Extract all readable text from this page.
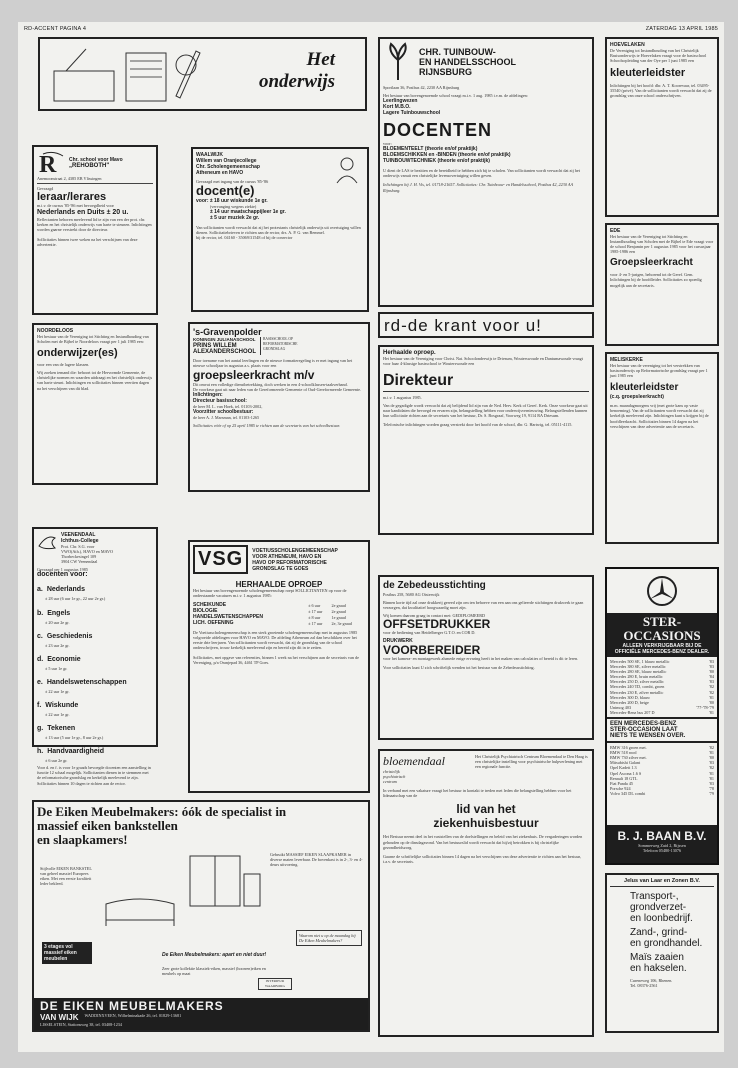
RD-ACCENT PAGINA 4	ZATERDAG 13 APRIL 1985
Het
onderwijs
R	Chr. school voor Mavo
„REHOBOTH"
Anemoonstraat 2, 4385 EB Vlissingen
Gevraagd
leraar/lerares
m.i.v. de cursus '85-'86 met bevoegdheid voor
Nederlands en Duits ± 20 u.
Reflectanten behoren meelevend lid te zijn van een der prot. chr. kerken en het christelijk onderwijs van harte te steunen. Inlichtingen worden gaarne verstrekt door de directeur.
Sollicitaties binnen twee weken na het verschijnen van deze advertentie.
WAALWIJK
Willem van Oranjecollege
Chr. Scholengemeenschap
Atheneum en HAVO
Gevraagd met ingang van de cursus '85-'86
docent(e)
voor: ± 18 uur wiskunde 1e gr.
(vervanging wegens ziekte)
± 14 uur maatschappijleer 1e gr.
± 5 uur muziek 2e gr.
Van sollicitanten wordt verwacht dat zij het protestants christelijk onderwijs uit overtuiging willen dienen. Sollicitatiebrieven te richten aan de rector, drs. A. P. G. van Bemmel.
bij de rector, tel. 04160 - 35069/31548 of bij de conrector
CHR. TUINBOUW-
EN HANDELSSCHOOL
RIJNSBURG
Sportlaan 36, Postbus 42, 2230 AA Rijnsburg
Het bestuur van bovengenoemde school vraagt m.i.v. 1 aug. 1985 i.v.m. de afdelingen:
Leerlingwezen
Kort M.B.O.
Lagere Tuinbouwschool
DOCENTEN
voor:
BLOEMENTEELT (theorie en/of praktijk)
BLOEMSCHIKKEN en -BINDEN (theorie en/of praktijk)
TUINBOUWTECHNIEK (theorie en/of praktijk)
U dient de LAS te bezitten en de bereidheid te hebben zich bij te scholen. Van sollicitanten wordt verwacht dat zij het onderwijs vanuit een christelijke levensovertuiging willen geven.
Inlichtingen bij J. H. Vis, tel. 01718-21657. Sollicitaties: Chr. Tuinbouw- en Handelsschool, Postbus 42, 2230 AA Rijnsburg.
rd-de krant voor u!
HOEVELAKEN
De Vereniging tot Instandhouding van het Christelijk Basisonderwijs te Hoevelaken vraagt voor de basisschool Schoolsopleiding van der Oye per 1 juni 1985 een
kleuterleidster
Inlichtingen bij het hoofd: dhr. A. T. Koorevaar, tel. 03495-35540 (privé). Van de sollicitanten wordt verwacht dat zij de grondslag van onze school onderschrijven.
EDE
Het bestuur van de Vereniging tot Stichting en Instandhouding van Scholen met de Bijbel te Ede vraagt voor de school Benjamin per 1 augustus 1985 voor het cursusjaar 1985-1986 een
Groepsleerkracht
voor 4- en 5-jarigen, behorend tot de Geref. Gem. Inlichtingen bij de hoofdleider. Sollicitaties zo spoedig mogelijk aan de secretaris.
NOORDELOOS
Het bestuur van de Vereniging tot Stichting en Instandhouding van Scholen met de Bijbel te Noordeloos vraagt per 1 juli 1985 een:
onderwijzer(es)
voor een van de lagere klassen.
Wij zoeken iemand die: behoort tot de Hervormde Gemeente, de christelijke normen en waarden uitdraagt en het christelijk onderwijs van harte steunt. Inlichtingen en sollicitaties binnen veertien dagen na het verschijnen van dit blad.
's-Gravenpolder
KONINGIN JULIANASCHOOL
PRINS WILLEM
ALEXANDERSCHOOL
BASISSCHOOL OP REFORMATORISCHE GRONDSLAG
Door toename van het aantal leerlingen en de nieuwe formatieregeling is er met ingang van het nieuwe schooljaar in augustus a.s. plaats voor een
groepsleerkracht m/v
Dit omvat een volledige dienstbetrekking, doch werken in een 4-schoolklassen-taakverband.
De voorkeur gaat uit naar leden van de Gereformeerde Gemeente of Oud-Gereformeerde Gemeente.
Inlichtingen:
Directeur basisschool:
de heer M. L. van Hoek, tel. 01103-2002,
Voorzitter schoolbestuur:
de heer A. J. Marsman, tel. 01103-1265
Sollicitaties vóór of op 25 april 1985 te richten aan de secretaris van het schoolbestuur.
Herhaalde oproep.
Het bestuur van de Vereniging voor Christ. Nat. Schoolonderwijs te Driesum, Wouterswoude en Dantumawoude vraagt voor haar 4-klassige basisschool te Wouterswoude een
Direkteur
m.i.v. 1 augustus 1985.
Van de gegadigde wordt verwacht dat zij belijdend lid zijn van de Ned. Herv. Kerk of Geref. Kerk. Onze voorkeur gaat uit naar kandidaten die bevoegd en ervaren zijn, belangstelling hebben voor onderwijsvernieuwing. Belangstellenden kunnen hun sollicitatie richten aan de secretaris van het bestuur, Dr. S. Bosgraaf, Voorweg 19, 9114 RA Driesum.
Telefonische inlichtingen worden graag verstrekt door het hoofd van de school, dhr. G. Hartwig, tel. 05111-4115.
MELISKERKE
Het bestuur van de vereniging tot het verstrekken van basisonderwijs op Reformatorische grondslag vraagt per 1 juni 1985 een
kleuterleidster
(c.q. groepsleerkracht)
m.m. maandagmorgens vrij (met grote kans op vaste benoeming). Van de sollicitanten wordt verwacht dat zij kerkelijk meelevend zijn. Inlichtingen kunt u krijgen bij de hoofdleerkracht. Sollicitaties binnen 14 dagen na het verschijnen van deze advertentie aan de secretaris.
VEENENDAAL
Ichthus-College
Prot. Chr. S.G. voor
VWO(Ath.), HAVO en MAVO
Thorbeckesingel 109
3904 CW Veenendaal
Gevraagd per 1 augustus 1985
docenten voor:
a. Nederlands
± 28 uur (6 uur 1e gr., 22 uur 2e gr.)
b. Engels
± 20 uur 2e gr.
c. Geschiedenis
± 23 uur 2e gr.
d. Economie
± 5 uur 1e gr.
e. Handelswetenschappen
± 22 uur 1e gr.
f. Wiskunde
± 22 uur 1e gr.
g. Tekenen
± 13 uur (5 uur 1e gr., 8 uur 2e gr.)
h. Handvaardigheid
± 6 uur 2e gr.
Voor d. en f. is voor 1e graads bevoegde docenten een aanstelling in functie 12 schaal mogelijk. Sollicitanten dienen in te stemmen met de reformatorische grondslag en kerkelijk meelevend te zijn. Sollicitaties binnen 10 dagen te richten aan de rector.
VSG	VOETIUSSCHOLENGEMEENSCHAP
VOOR ATHENEUM, HAVO EN
HAVO OP REFORMATORISCHE
GRONDSLAG TE GOES
HERHAALDE OPROEP
Het bestuur van bovengenoemde scholengemeenschap roept SOLLICITANTEN op voor de onderstaande vacatures m.i.v. 1 augustus 1985:
SCHEIKUNDE	± 6 uur	2e graad
BIOLOGIE	± 17 uur	2e graad
HANDELSWETENSCHAPPEN	± 8 uur	1e graad
LICH. OEFENING	± 17 uur	2e, 3e graad
De Voetiusscholengemeenschap is een sterk groeiende scholengemeenschap met in augustus 1985 volgroeide afdelingen voor HAVO en MAVO. De afdeling Atheneum zal dan beschikken over het eerste drie leerjaren. Van sollicitanten wordt verwacht, dat zij de grondslag van de school onderschrijven, trouw kerkelijk meelevend zijn en bereid zijn dit in te zetten.
Sollicitaties, met opgave van referenties, binnen 1 week na het verschijnen aan de secretaris van de Vereniging, p/a Oranjepad 36, 4461 TP Goes.
de Zebedeusstichting
Postbus 258, 5680 AG Oisterwijk
Binnen korte tijd zal onze drukkerij gereed zijn om ten behoeve van een aan ons gelieerde stichtingen drukwerk te gaan verzorgen, dat kwalitatief hoogwaardig moet zijn.
Wij komen daarom graag in contact met: GEDIPLOMEERD
OFFSETDRUKKER
voor de bediening van Heidelberger G.T.O. en COR D.
DRUKWERK
VOORBEREIDER
voor het kamera- en montagewerk alsmede enige ervaring heeft in het maken van calculaties of bereid is dit te leren.
Voor sollicitaties kunt U zich schriftelijk wenden tot het bestuur van de Zebedeusstichting.
STER-OCCASIONS
ALLEEN VERKRIJGBAAR BIJ DE
OFFICIËLE MERCEDES-BENZ DEALER.
Mercedes 500 SE, 1 blauw metallic	'83
Mercedes 380 SE, zilver metallic	'83
Mercedes 280 SE, blauw metallic	'80
Mercedes 280 E, bruin metallic	'84
Mercedes 250 D, zilver metallic	'83
Mercedes 240 TD, combi, groen	'82
Mercedes 230 E, zilver metallic	'82
Mercedes 300 D, blauw	'81
Mercedes 200 D, beige	'80
Unimog 403	'77-'78-'79
Mercedes-Benz bus 207 D	'81
EEN MERCEDES-BENZ
STER-OCCASION LAAT
NIETS TE WENSEN OVER.
BMW 316 groen met.	'82
BMW 518 rood	'81
BMW 730 zilver met.	'80
Mitsubishi Galant	'83
Opel Kadett 1.3	'82
Opel Ascona 1.6 S	'81
Renault 18 GTL	'81
Fiat Panda 45	'83
Porsche 924	'78
Volvo 345 DL combi	'79
B. J. BAAN B.V.
Sommerweg Zuid 2, Rijssen
Telefoon 05480-13076
De Eiken Meubelmakers: óók de specialist in
massief eiken bankstellen
en slaapkamers!
Gebruikt MASSIEF EIKEN SLAAPKAMER in diverse maten leverbaar. De bovenkast is in 2-, 3- en 4-deurs uitvoering.
Stijlvolle EIKEN BANKSTEL van geheel massief Europees eiken. Met een eerste kwaliteit leder bekleed.
3 etages vol
massief eiken
meubelen
De Eiken Meubelmakers: apart en niet duur!
Zeer grote kollektie klassiek-eiken, massief (hoorren)eiken en meubels op maat
Waarom niet u op de maandag bij De Eiken Meubelmakers?
INTERIEUR WAARBORG
DE EIKEN MEUBELMAKERS
VAN WIJK WADDINXVEEN, Wilhelminakade 26, tel. 01829-13681
LISSELSTEIN, Stationsweg 38, tel. 03408-1234
bloemendaal
christelijk
psychiatrisch
centrum
Het Christelijk Psychiatrisch Centrum Bloemendaal te Den Haag is een christelijke instelling voor psychiatrische hulpverlening met een regionale functie.
In verband met een vakature vraagt het bestuur in kontakt te treden met leden die belangstelling hebben voor het lidmaatschap van de
lid van het
ziekenhuisbestuur
Het Bestuur neemt deel in het vaststellen van de doelstellingen en beleid van het ziekenhuis. De vergaderingen worden gehouden op de dinsdagavond. Van het bestuurslid wordt verwacht dat hij/zij betrokken is bij christelijke gezondheidszorg.
Gaarne de schriftelijke sollicitaties binnen 14 dagen na het verschijnen van deze advertentie te richten aan het bestuur, t.a.v. de secretaris.
Jelus van Laar en Zonen B.V.
Transport-,
grondverzet-
en loonbedrijf.
Zand-, grind-
en grondhandel.
Maïs zaaien
en hakselen.
Cureneweg 106, Rhenen.
Tel. 08376-2561
